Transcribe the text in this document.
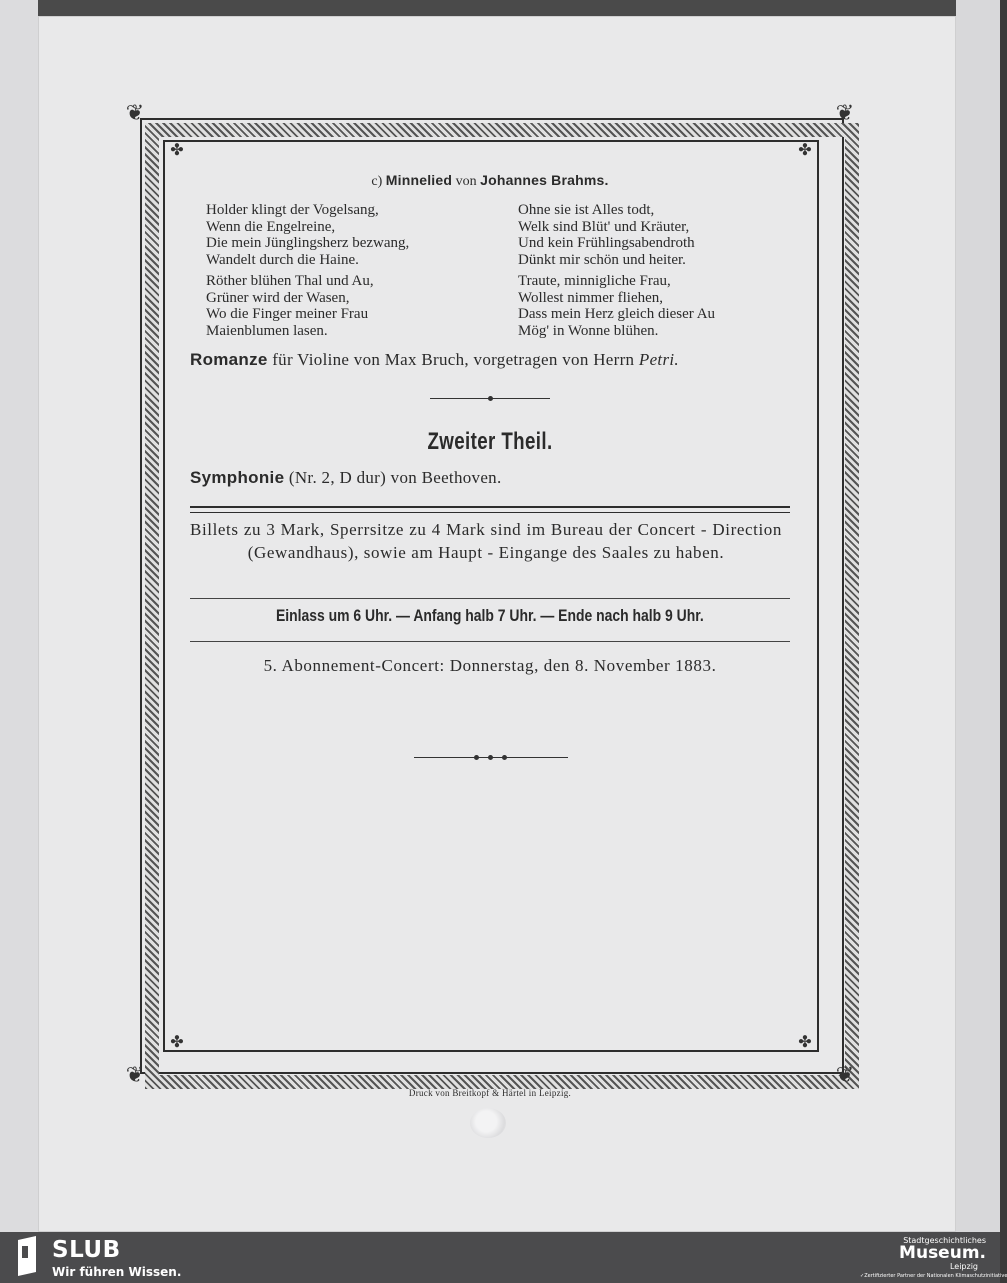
❦	❦
❦	❦
✤	✤
✤	✤
c) Minnelied von Johannes Brahms.
Holder klingt der Vogelsang,
Wenn die Engelreine,
Die mein Jünglingsherz bezwang,
Wandelt durch die Haine.
Röther blühen Thal und Au,
Grüner wird der Wasen,
Wo die Finger meiner Frau
Maienblumen lasen.
Ohne sie ist Alles todt,
Welk sind Blüt' und Kräuter,
Und kein Frühlingsabendroth
Dünkt mir schön und heiter.
Traute, minnigliche Frau,
Wollest nimmer fliehen,
Dass mein Herz gleich dieser Au
Mög' in Wonne blühen.
Romanze für Violine von Max Bruch, vorgetragen von Herrn Petri.
Zweiter Theil.
Symphonie (Nr. 2, D dur) von Beethoven.
Billets zu 3 Mark, Sperrsitze zu 4 Mark sind im Bureau der Concert - Direction (Gewandhaus), sowie am Haupt - Eingange des Saales zu haben.
Einlass um 6 Uhr. — Anfang halb 7 Uhr. — Ende nach halb 9 Uhr.
5. Abonnement-Concert: Donnerstag, den 8. November 1883.
Druck von Breitkopf & Härtel in Leipzig.
SLUB
Wir führen Wissen.
Stadtgeschichtliches
Museum.
Leipzig
✓Zertifizierter Partner der Nationalen Klimaschutzinitiative
